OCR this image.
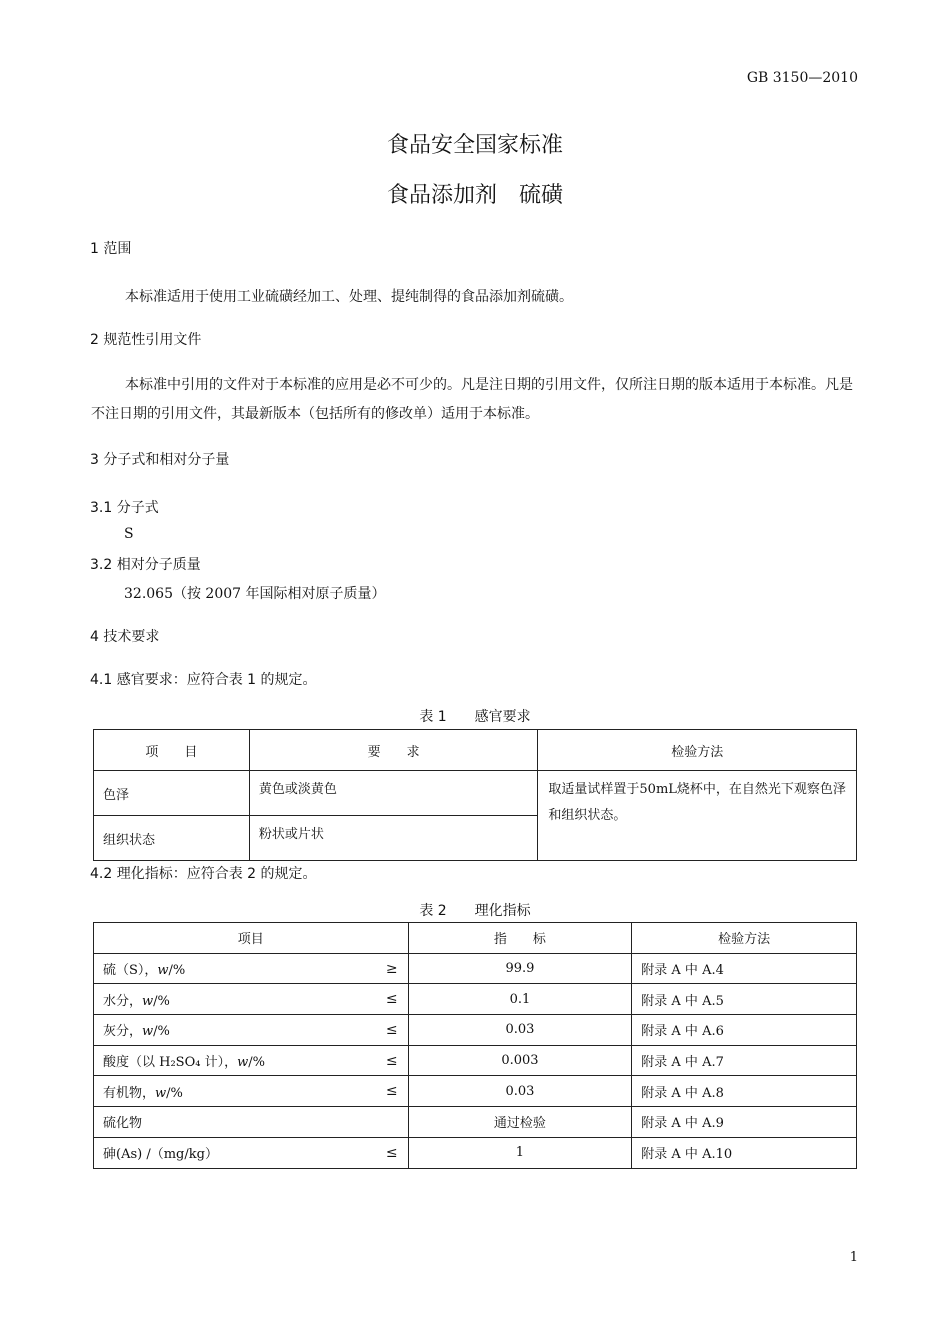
GB 3150—2010
食品安全国家标准
食品添加剂　硫磺
1 范围
本标准适用于使用工业硫磺经加工、处理、提纯制得的食品添加剂硫磺。
2 规范性引用文件
本标准中引用的文件对于本标准的应用是必不可少的。凡是注日期的引用文件，仅所注日期的版本适用于本标准。凡是不注日期的引用文件，其最新版本（包括所有的修改单）适用于本标准。
3 分子式和相对分子量
3.1 分子式
S
3.2 相对分子质量
32.065（按 2007 年国际相对原子质量）
4 技术要求
4.1 感官要求：应符合表 1 的规定。
表 1　　感官要求
项　　目	要　　求	检验方法
色泽	黄色或淡黄色	取适量试样置于50mL烧杯中，在自然光下观察色泽和组织状态。
组织状态	粉状或片状	
4.2 理化指标：应符合表 2 的规定。
表 2　　理化指标
项目	指　　标	检验方法
硫（S），w/% ≥	99.9	附录 A 中 A.4
水分，w/% ≤	0.1	附录 A 中 A.5
灰分，w/% ≤	0.03	附录 A 中 A.6
酸度（以 H₂SO₄ 计），w/% ≤	0.003	附录 A 中 A.7
有机物，w/% ≤	0.03	附录 A 中 A.8
硫化物	通过检验	附录 A 中 A.9
砷(As) /（mg/kg） ≤	1	附录 A 中 A.10
1
